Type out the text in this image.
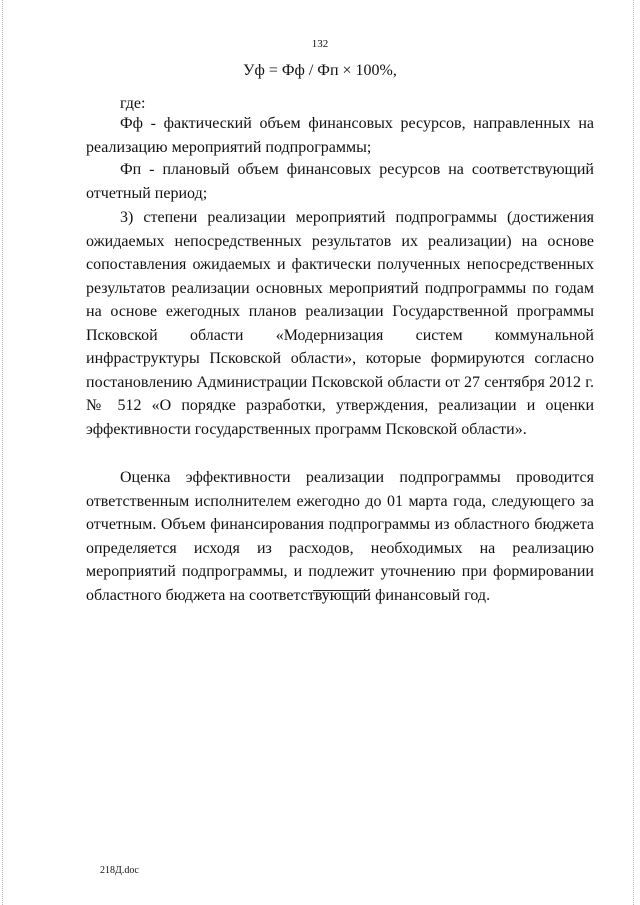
132
Уф = Фф / Фп × 100%,

где:

Фф - фактический объем финансовых ресурсов, направленных на реализацию мероприятий подпрограммы;

Фп - плановый объем финансовых ресурсов на соответствующий отчетный период;

3) степени реализации мероприятий подпрограммы (достижения ожидаемых непосредственных результатов их реализации) на основе сопоставления ожидаемых и фактически полученных непосредственных результатов реализации основных мероприятий подпрограммы по годам на основе ежегодных планов реализации Государственной программы Псковской области «Модернизация систем коммунальной инфраструктуры Псковской области», которые формируются согласно постановлению Администрации Псковской области от 27 сентября 2012 г. № 512 «О порядке разработки, утверждения, реализации и оценки эффективности государственных программ Псковской области».

Оценка эффективности реализации подпрограммы проводится ответственным исполнителем ежегодно до 01 марта года, следующего за отчетным. Объем финансирования подпрограммы из областного бюджета определяется исходя из расходов, необходимых на реализацию мероприятий подпрограммы, и подлежит уточнению при формировании областного бюджета на соответствующий финансовый год.

218Д.doc
